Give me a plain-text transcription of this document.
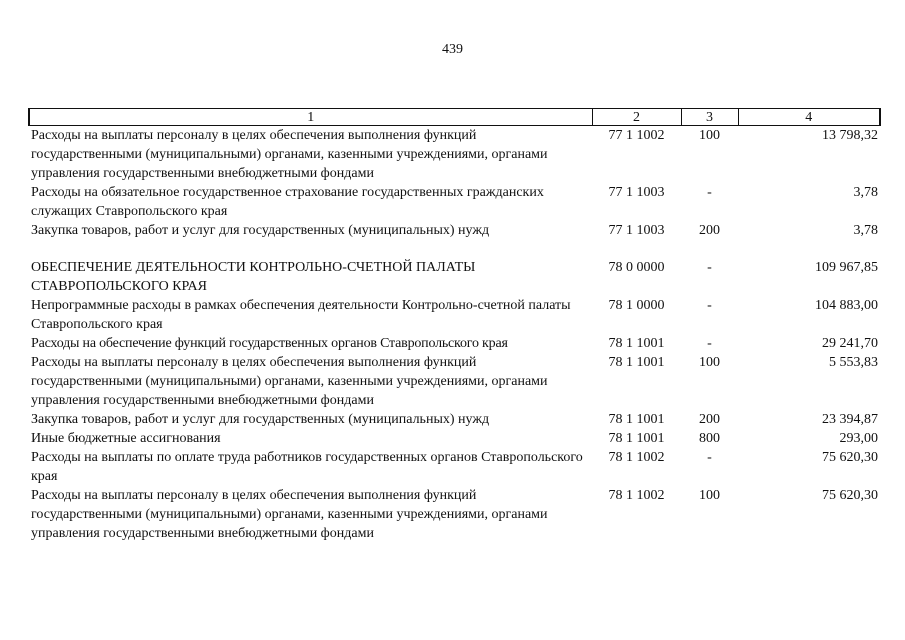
439
1	2	3	4
Расходы на выплаты персоналу в целях обеспечения выполнения функций государственными (муниципальными) органами, казенными учреждениями, органами управления государственными внебюджетными фондами	77 1 1002	100	13 798,32
Расходы на обязательное государственное страхование государственных гражданских служащих Ставропольского края	77 1 1003	-	3,78
Закупка товаров, работ и услуг для государственных (муниципальных) нужд	77 1 1003	200	3,78

ОБЕСПЕЧЕНИЕ ДЕЯТЕЛЬНОСТИ КОНТРОЛЬНО-СЧЕТНОЙ ПАЛАТЫ СТАВРОПОЛЬСКОГО КРАЯ	78 0 0000	-	109 967,85
Непрограммные расходы в рамках обеспечения деятельности Контрольно-счетной палаты Ставропольского края	78 1 0000	-	104 883,00
Расходы на обеспечение функций государственных органов Ставропольского края	78 1 1001	-	29 241,70
Расходы на выплаты персоналу в целях обеспечения выполнения функций государственными (муниципальными) органами, казенными учреждениями, органами управления государственными внебюджетными фондами	78 1 1001	100	5 553,83
Закупка товаров, работ и услуг для государственных (муниципальных) нужд	78 1 1001	200	23 394,87
Иные бюджетные ассигнования	78 1 1001	800	293,00
Расходы на выплаты по оплате труда работников государственных органов Ставропольского края	78 1 1002	-	75 620,30
Расходы на выплаты персоналу в целях обеспечения выполнения функций государственными (муниципальными) органами, казенными учреждениями, органами управления государственными внебюджетными фондами	78 1 1002	100	75 620,30
